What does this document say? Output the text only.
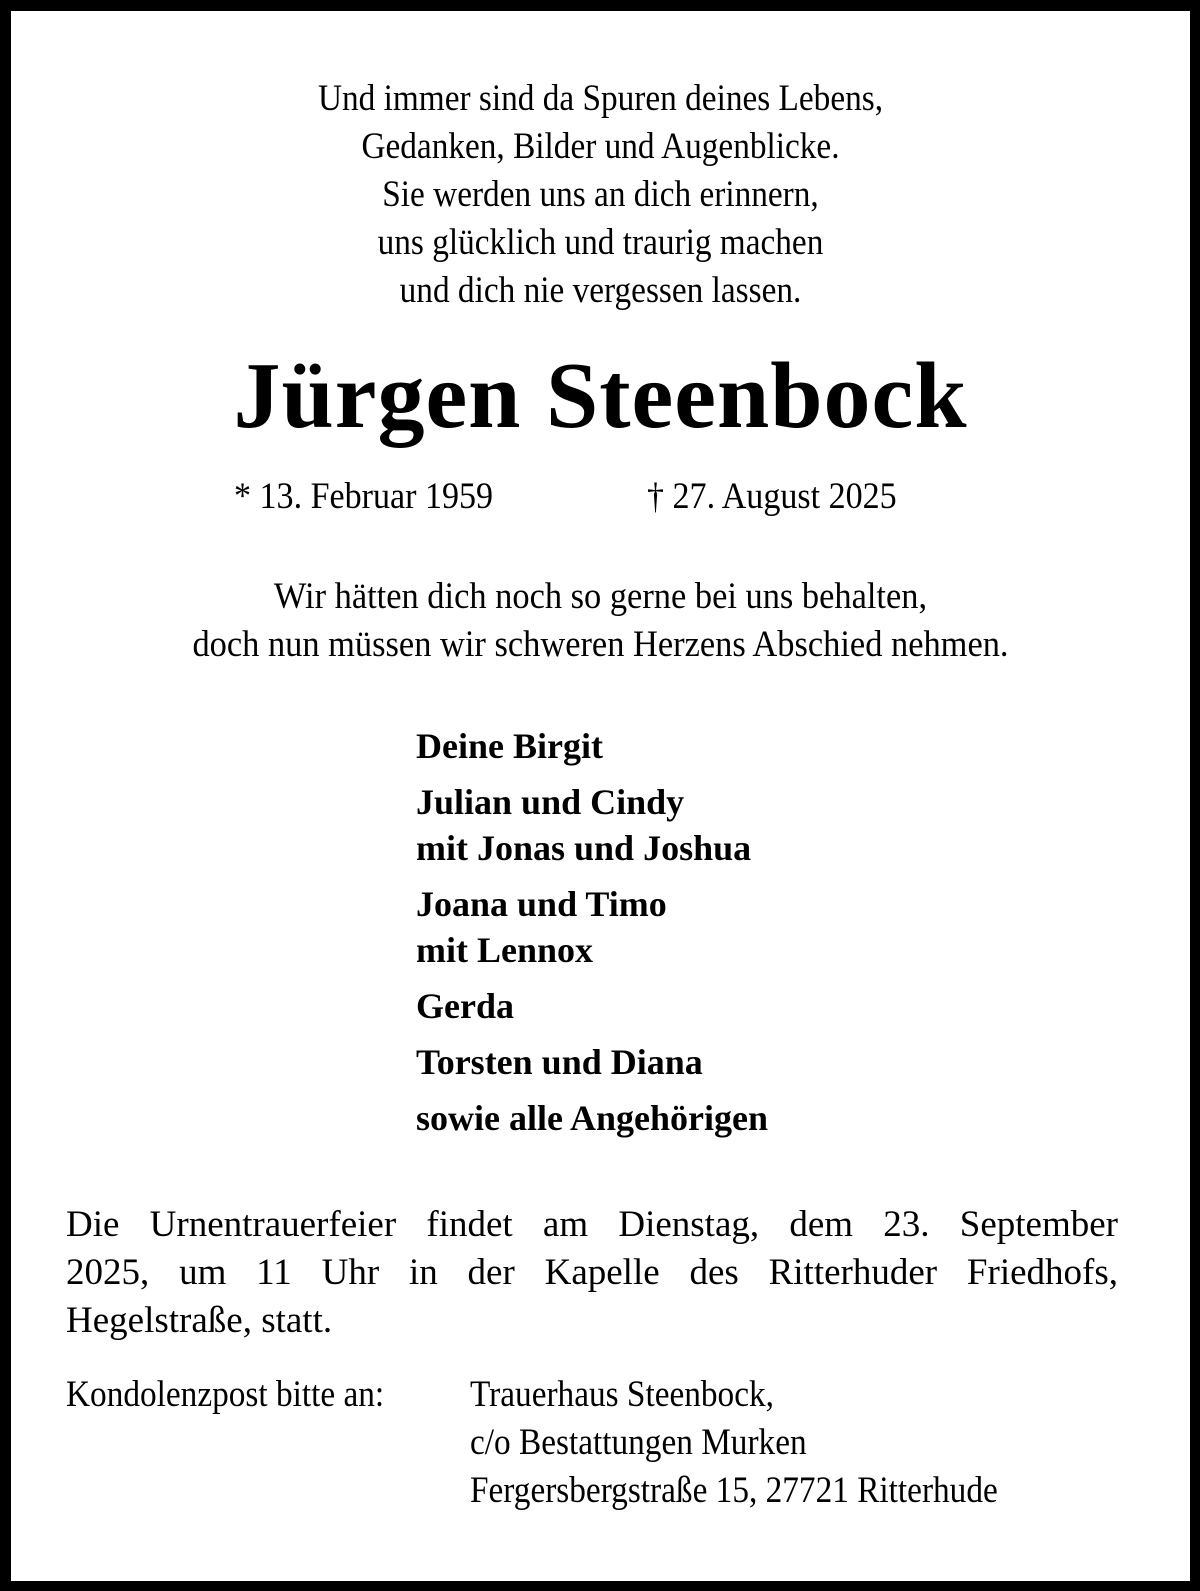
Und immer sind da Spuren deines Lebens,
Gedanken, Bilder und Augenblicke.
Sie werden uns an dich erinnern,
uns glücklich und traurig machen
und dich nie vergessen lassen.
Jürgen Steenbock
* 13. Februar 1959	† 27. August 2025
Wir hätten dich noch so gerne bei uns behalten,
doch nun müssen wir schweren Herzens Abschied nehmen.
Deine Birgit
Julian und Cindy
mit Jonas und Joshua
Joana und Timo
mit Lennox
Gerda
Torsten und Diana
sowie alle Angehörigen
Die Urnentrauerfeier findet am Dienstag, dem 23. September
2025, um 11 Uhr in der Kapelle des Ritterhuder Friedhofs,
Hegelstraße, statt.
Kondolenzpost bitte an: Trauerhaus Steenbock,
c/o Bestattungen Murken
Fergersbergstraße 15, 27721 Ritterhude
